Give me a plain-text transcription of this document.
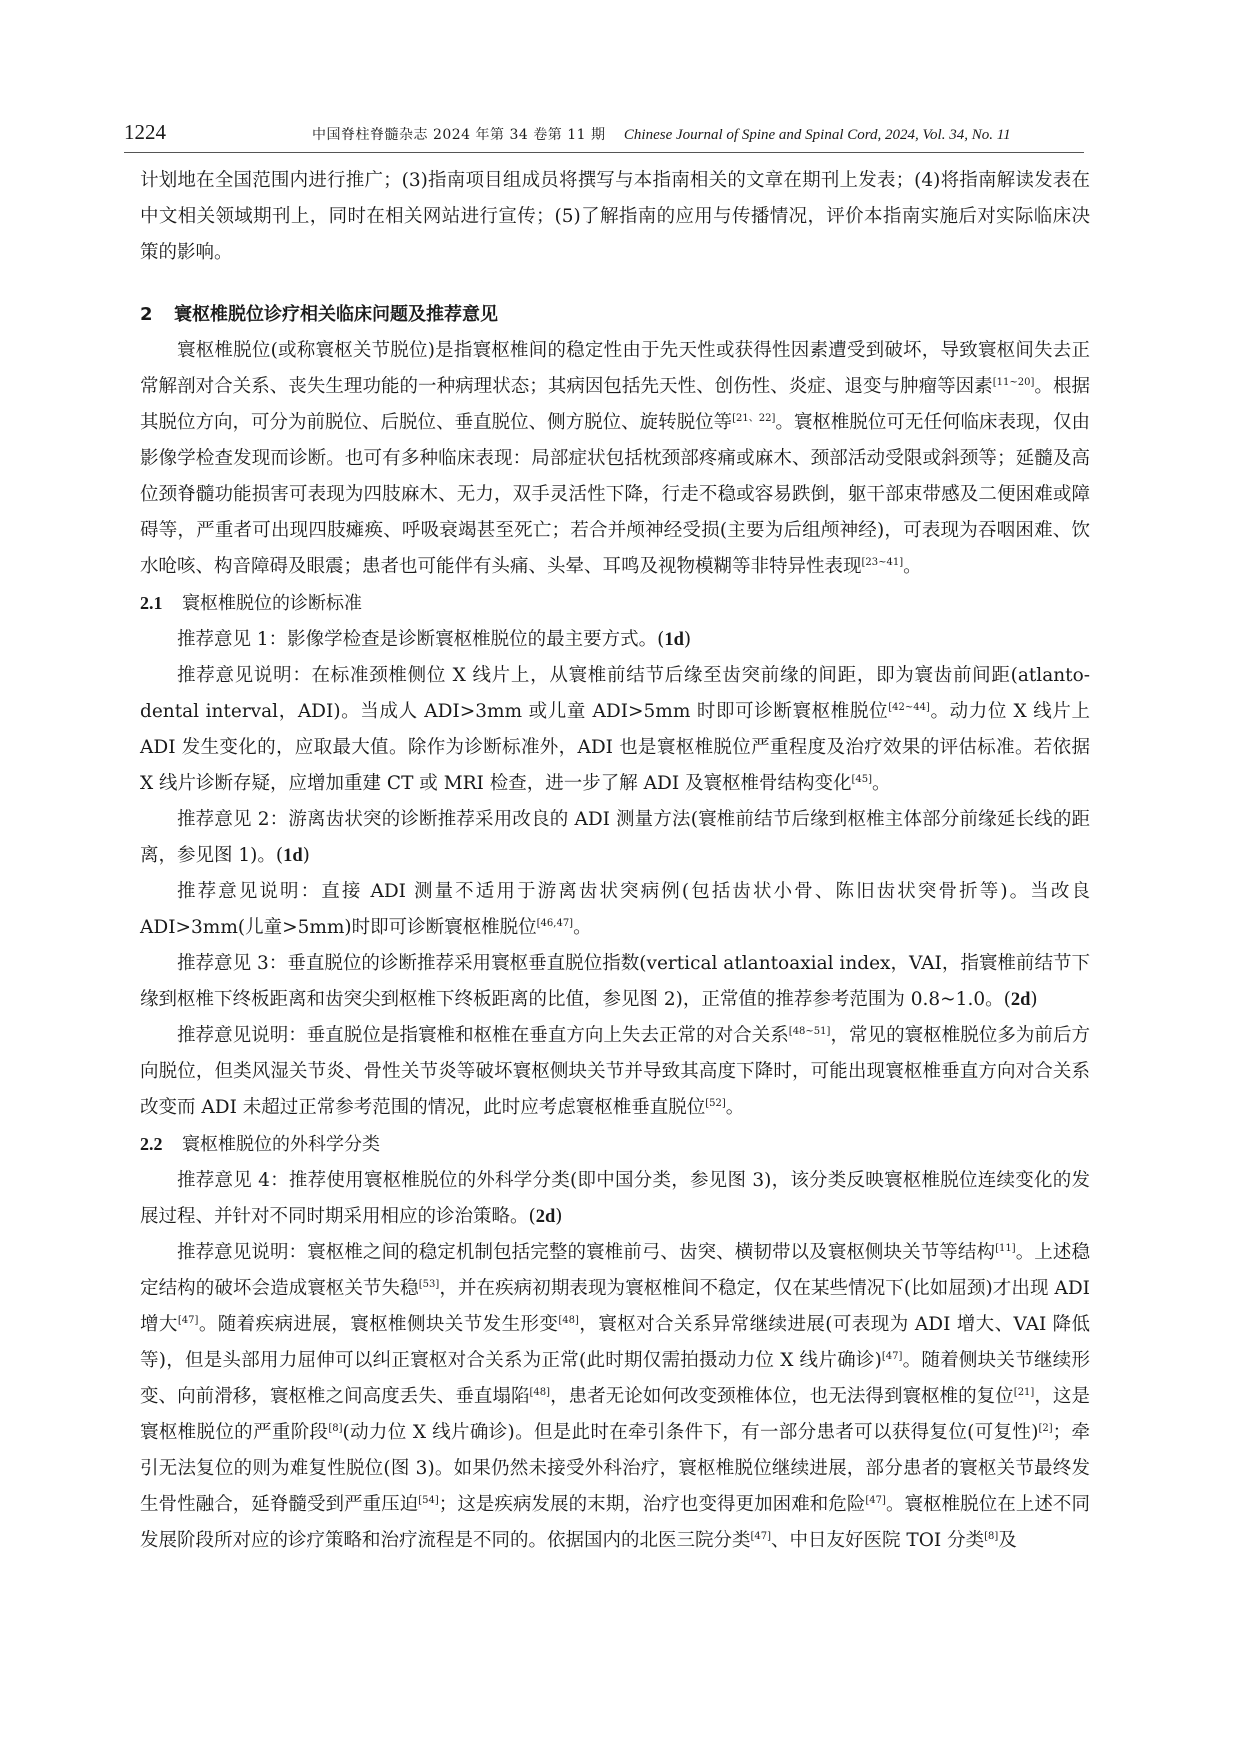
1224	中国脊柱脊髓杂志 2024 年第 34 卷第 11 期 Chinese Journal of Spine and Spinal Cord, 2024, Vol. 34, No. 11

计划地在全国范围内进行推广；(3)指南项目组成员将撰写与本指南相关的文章在期刊上发表；(4)将指南解读发表在中文相关领域期刊上，同时在相关网站进行宣传；(5)了解指南的应用与传播情况，评价本指南实施后对实际临床决策的影响。

2 寰枢椎脱位诊疗相关临床问题及推荐意见

寰枢椎脱位(或称寰枢关节脱位)是指寰枢椎间的稳定性由于先天性或获得性因素遭受到破坏，导致寰枢间失去正常解剖对合关系、丧失生理功能的一种病理状态；其病因包括先天性、创伤性、炎症、退变与肿瘤等因素[11~20]。根据其脱位方向，可分为前脱位、后脱位、垂直脱位、侧方脱位、旋转脱位等[21、22]。寰枢椎脱位可无任何临床表现，仅由影像学检查发现而诊断。也可有多种临床表现：局部症状包括枕颈部疼痛或麻木、颈部活动受限或斜颈等；延髓及高位颈脊髓功能损害可表现为四肢麻木、无力，双手灵活性下降，行走不稳或容易跌倒，躯干部束带感及二便困难或障碍等，严重者可出现四肢瘫痪、呼吸衰竭甚至死亡；若合并颅神经受损(主要为后组颅神经)，可表现为吞咽困难、饮水呛咳、构音障碍及眼震；患者也可能伴有头痛、头晕、耳鸣及视物模糊等非特异性表现[23~41]。

2.1 寰枢椎脱位的诊断标准

推荐意见 1：影像学检查是诊断寰枢椎脱位的最主要方式。(1d)

推荐意见说明：在标准颈椎侧位 X 线片上，从寰椎前结节后缘至齿突前缘的间距，即为寰齿前间距(atlanto-dental interval，ADI)。当成人 ADI>3mm 或儿童 ADI>5mm 时即可诊断寰枢椎脱位[42~44]。动力位 X 线片上 ADI 发生变化的，应取最大值。除作为诊断标准外，ADI 也是寰枢椎脱位严重程度及治疗效果的评估标准。若依据 X 线片诊断存疑，应增加重建 CT 或 MRI 检查，进一步了解 ADI 及寰枢椎骨结构变化[45]。

推荐意见 2：游离齿状突的诊断推荐采用改良的 ADI 测量方法(寰椎前结节后缘到枢椎主体部分前缘延长线的距离，参见图 1)。(1d)

推荐意见说明：直接 ADI 测量不适用于游离齿状突病例(包括齿状小骨、陈旧齿状突骨折等)。当改良 ADI>3mm(儿童>5mm)时即可诊断寰枢椎脱位[46,47]。

推荐意见 3：垂直脱位的诊断推荐采用寰枢垂直脱位指数(vertical atlantoaxial index，VAI，指寰椎前结节下缘到枢椎下终板距离和齿突尖到枢椎下终板距离的比值，参见图 2)，正常值的推荐参考范围为 0.8~1.0。(2d)

推荐意见说明：垂直脱位是指寰椎和枢椎在垂直方向上失去正常的对合关系[48~51]，常见的寰枢椎脱位多为前后方向脱位，但类风湿关节炎、骨性关节炎等破坏寰枢侧块关节并导致其高度下降时，可能出现寰枢椎垂直方向对合关系改变而 ADI 未超过正常参考范围的情况，此时应考虑寰枢椎垂直脱位[52]。

2.2 寰枢椎脱位的外科学分类

推荐意见 4：推荐使用寰枢椎脱位的外科学分类(即中国分类，参见图 3)，该分类反映寰枢椎脱位连续变化的发展过程、并针对不同时期采用相应的诊治策略。(2d)

推荐意见说明：寰枢椎之间的稳定机制包括完整的寰椎前弓、齿突、横韧带以及寰枢侧块关节等结构[11]。上述稳定结构的破坏会造成寰枢关节失稳[53]，并在疾病初期表现为寰枢椎间不稳定，仅在某些情况下(比如屈颈)才出现 ADI 增大[47]。随着疾病进展，寰枢椎侧块关节发生形变[48]，寰枢对合关系异常继续进展(可表现为 ADI 增大、VAI 降低等)，但是头部用力屈伸可以纠正寰枢对合关系为正常(此时期仅需拍摄动力位 X 线片确诊)[47]。随着侧块关节继续形变、向前滑移，寰枢椎之间高度丢失、垂直塌陷[48]，患者无论如何改变颈椎体位，也无法得到寰枢椎的复位[21]，这是寰枢椎脱位的严重阶段[8](动力位 X 线片确诊)。但是此时在牵引条件下，有一部分患者可以获得复位(可复性)[2]；牵引无法复位的则为难复性脱位(图 3)。如果仍然未接受外科治疗，寰枢椎脱位继续进展，部分患者的寰枢关节最终发生骨性融合，延脊髓受到严重压迫[54]；这是疾病发展的末期，治疗也变得更加困难和危险[47]。寰枢椎脱位在上述不同发展阶段所对应的诊疗策略和治疗流程是不同的。依据国内的北医三院分类[47]、中日友好医院 TOI 分类[8]及
